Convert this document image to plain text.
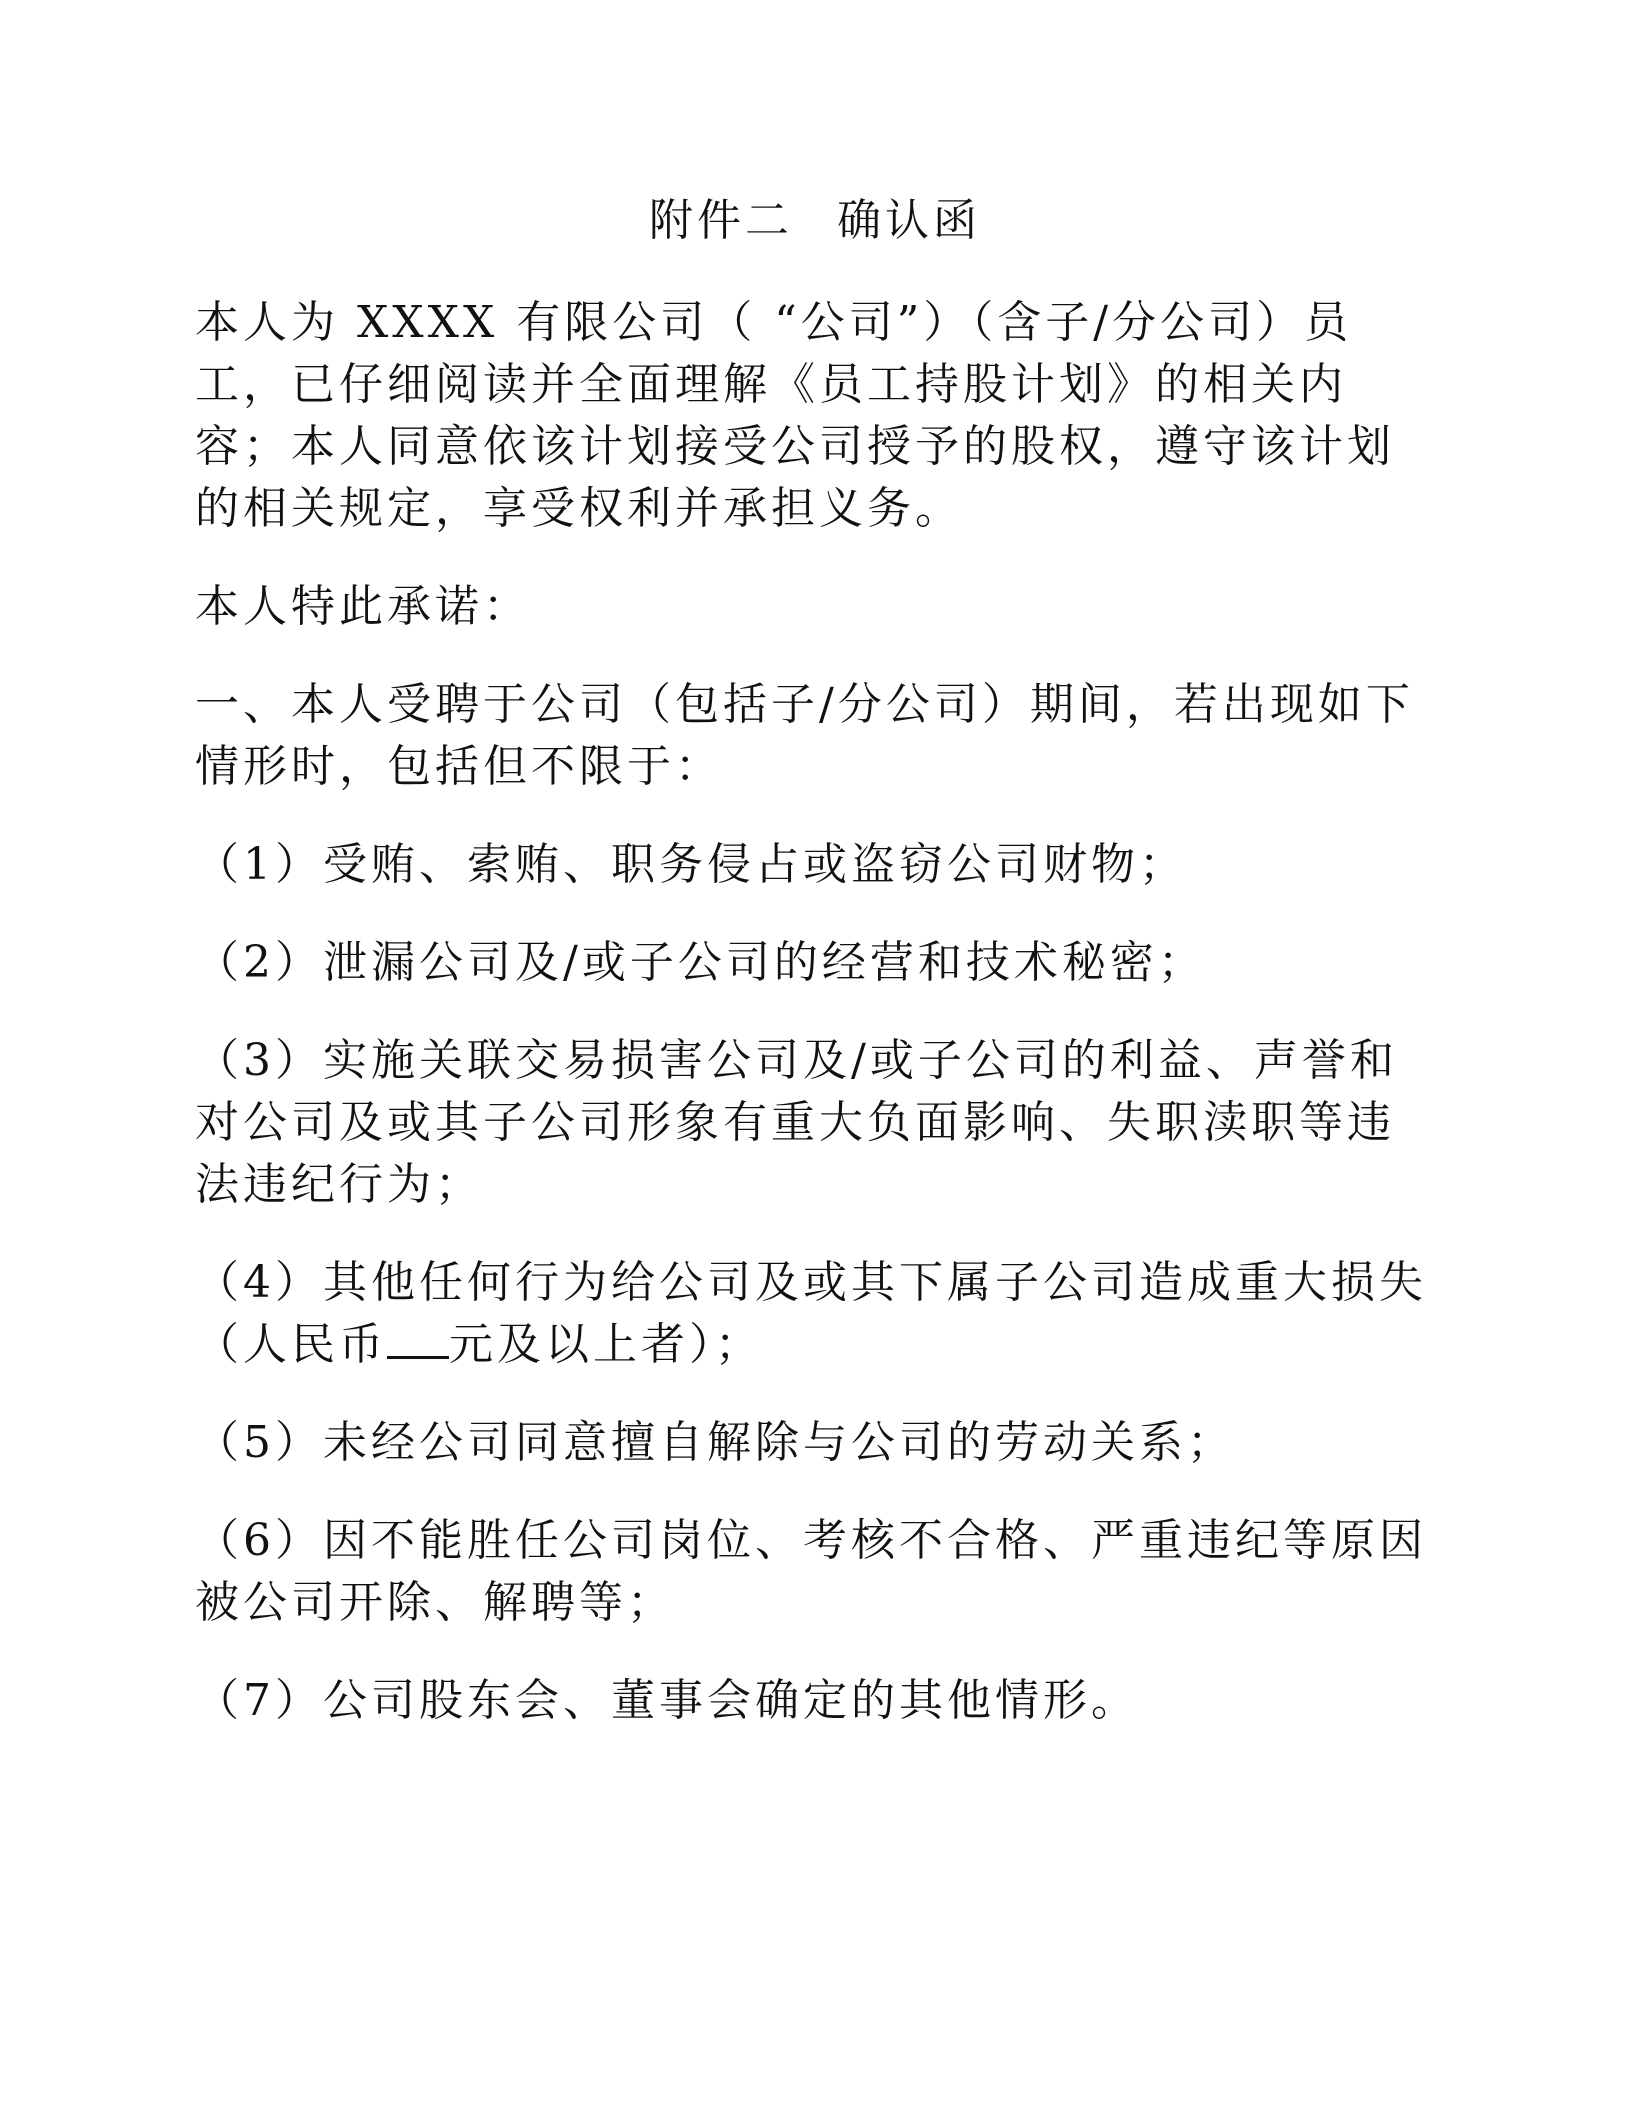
附件二 确认函

本人为 XXXX 有限公司（ “公司”）（含子/分公司）员工，已仔细阅读并全面理解《员工持股计划》的相关内容；本人同意依该计划接受公司授予的股权，遵守该计划的相关规定，享受权利并承担义务。

本人特此承诺：

一、本人受聘于公司（包括子/分公司）期间，若出现如下情形时，包括但不限于：

（1）受贿、索贿、职务侵占或盗窃公司财物；

（2）泄漏公司及/或子公司的经营和技术秘密；

（3）实施关联交易损害公司及/或子公司的利益、声誉和对公司及或其子公司形象有重大负面影响、失职渎职等违法违纪行为；

（4）其他任何行为给公司及或其下属子公司造成重大损失（人民币 元及以上者）；

（5）未经公司同意擅自解除与公司的劳动关系；

（6）因不能胜任公司岗位、考核不合格、严重违纪等原因被公司开除、解聘等；

（7）公司股东会、董事会确定的其他情形。
